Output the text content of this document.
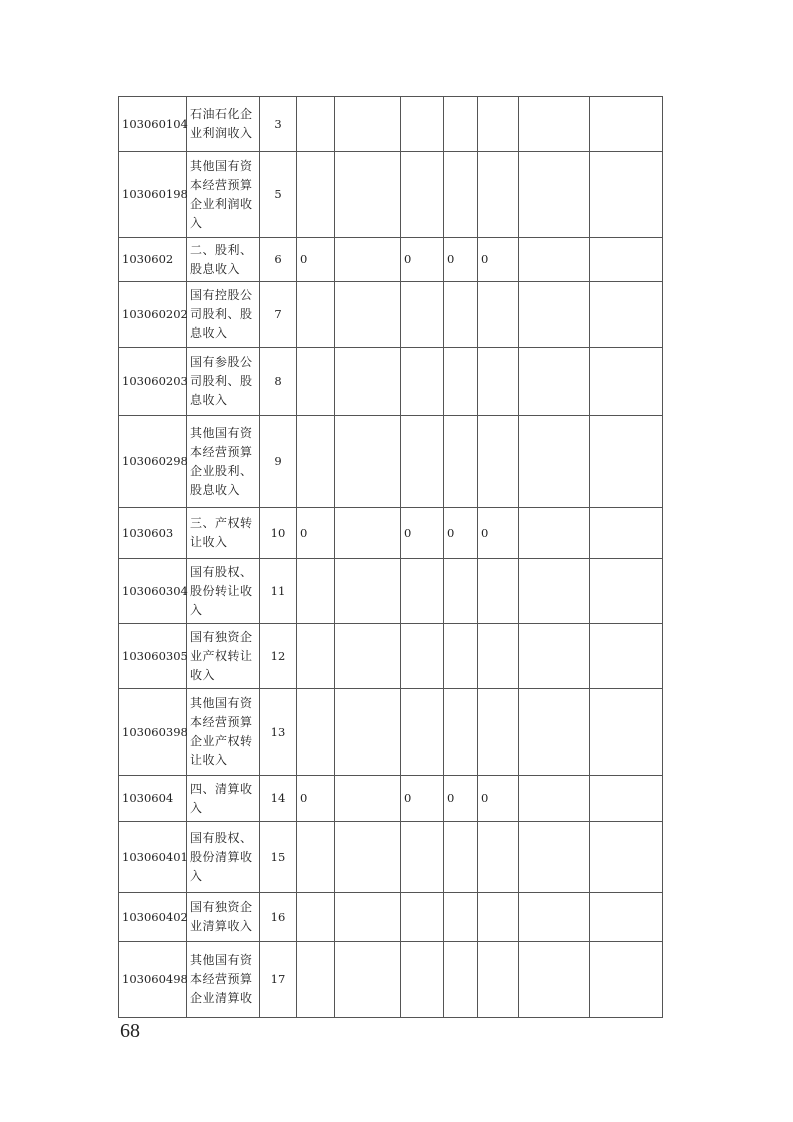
103060104	石油石化企业利润收入	3							
103060198	其他国有资本经营预算企业利润收入	5							
1030602	二、股利、股息收入	6	0		0	0	0		
103060202	国有控股公司股利、股息收入	7							
103060203	国有参股公司股利、股息收入	8							
103060298	其他国有资本经营预算企业股利、股息收入	9							
1030603	三、产权转让收入	10	0		0	0	0		
103060304	国有股权、股份转让收入	11							
103060305	国有独资企业产权转让收入	12							
103060398	其他国有资本经营预算企业产权转让收入	13							
1030604	四、清算收入	14	0		0	0	0		
103060401	国有股权、股份清算收入	15							
103060402	国有独资企业清算收入	16							
103060498	其他国有资本经营预算企业清算收	17							
68
